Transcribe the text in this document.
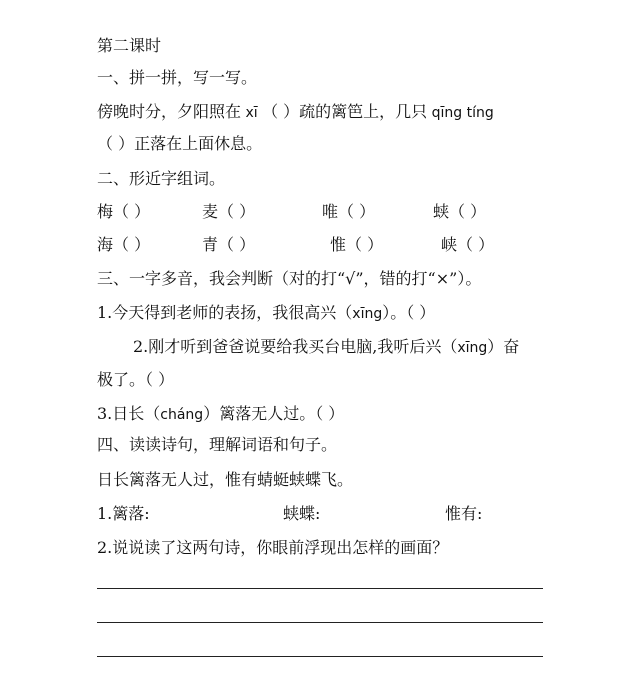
第二课时
一、拼一拼，写一写。
傍晚时分，夕阳照在 xī （ ）疏的篱笆上，几只 qīng tíng
（ ）正落在上面休息。
二、形近字组词。
梅（ ）	麦（ ）	唯（ ）	蛱（ ）
海（ ）	青（ ）	惟（ ）	峡（ ）
三、一字多音，我会判断（对的打“√”，错的打“×”）。
1.今天得到老师的表扬，我很高兴（xīng）。（ ）
2.刚才听到爸爸说要给我买台电脑,我听后兴（xīng）奋
极了。（ ）
3.日长（cháng）篱落无人过。（ ）
四、读读诗句，理解词语和句子。
日长篱落无人过，惟有蜻蜓蛱蝶飞。
1.篱落:	蛱蝶:	惟有:
2.说说读了这两句诗，你眼前浮现出怎样的画面？
